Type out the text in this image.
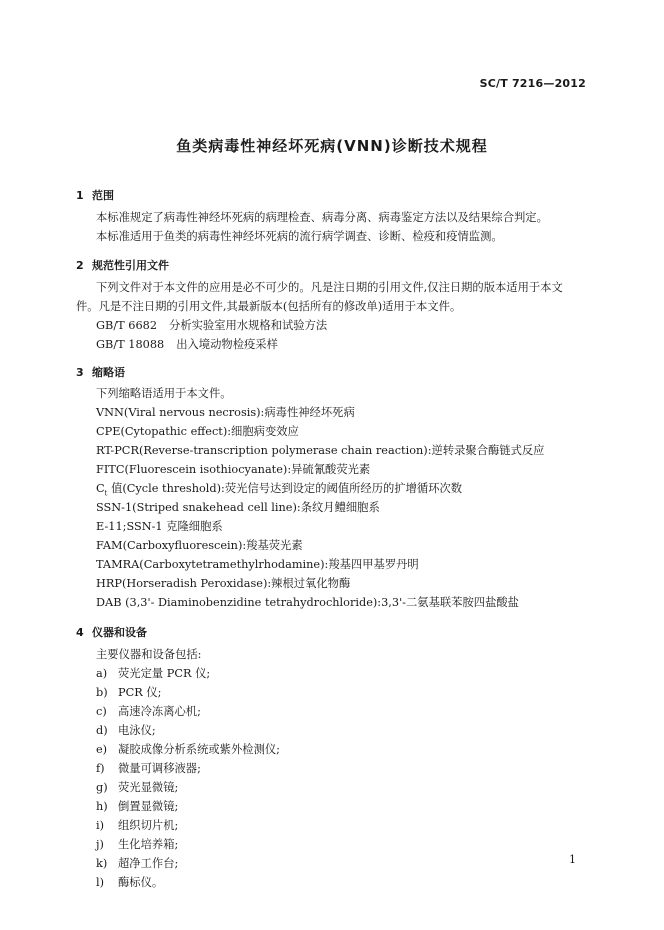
SC/T 7216—2012
鱼类病毒性神经坏死病(VNN)诊断技术规程
1 范围
本标准规定了病毒性神经坏死病的病理检查、病毒分离、病毒鉴定方法以及结果综合判定。
本标准适用于鱼类的病毒性神经坏死病的流行病学调查、诊断、检疫和疫情监测。
2 规范性引用文件
下列文件对于本文件的应用是必不可少的。凡是注日期的引用文件,仅注日期的版本适用于本文
件。凡是不注日期的引用文件,其最新版本(包括所有的修改单)适用于本文件。
GB/T 6682 分析实验室用水规格和试验方法
GB/T 18088 出入境动物检疫采样
3 缩略语
下列缩略语适用于本文件。
VNN(Viral nervous necrosis):病毒性神经坏死病
CPE(Cytopathic effect):细胞病变效应
RT-PCR(Reverse-transcription polymerase chain reaction):逆转录聚合酶链式反应
FITC(Fluorescein isothiocyanate):异硫氰酸荧光素
$C_t$ 值(Cycle threshold):荧光信号达到设定的阈值所经历的扩增循环次数
SSN-1(Striped snakehead cell line):条纹月鳢细胞系
E-11;SSN-1 克隆细胞系
FAM(Carboxyfluorescein):羧基荧光素
TAMRA(Carboxytetramethylrhodamine):羧基四甲基罗丹明
HRP(Horseradish Peroxidase):辣根过氧化物酶
DAB (3,3'- Diaminobenzidine tetrahydrochloride):3,3'-二氨基联苯胺四盐酸盐
4 仪器和设备
主要仪器和设备包括:
a) 荧光定量 PCR 仪;
b) PCR 仪;
c) 高速冷冻离心机;
d) 电泳仪;
e) 凝胶成像分析系统或紫外检测仪;
f) 微量可调移液器;
g) 荧光显微镜;
h) 倒置显微镜;
i) 组织切片机;
j) 生化培养箱;
k) 超净工作台;
l) 酶标仪。
1
